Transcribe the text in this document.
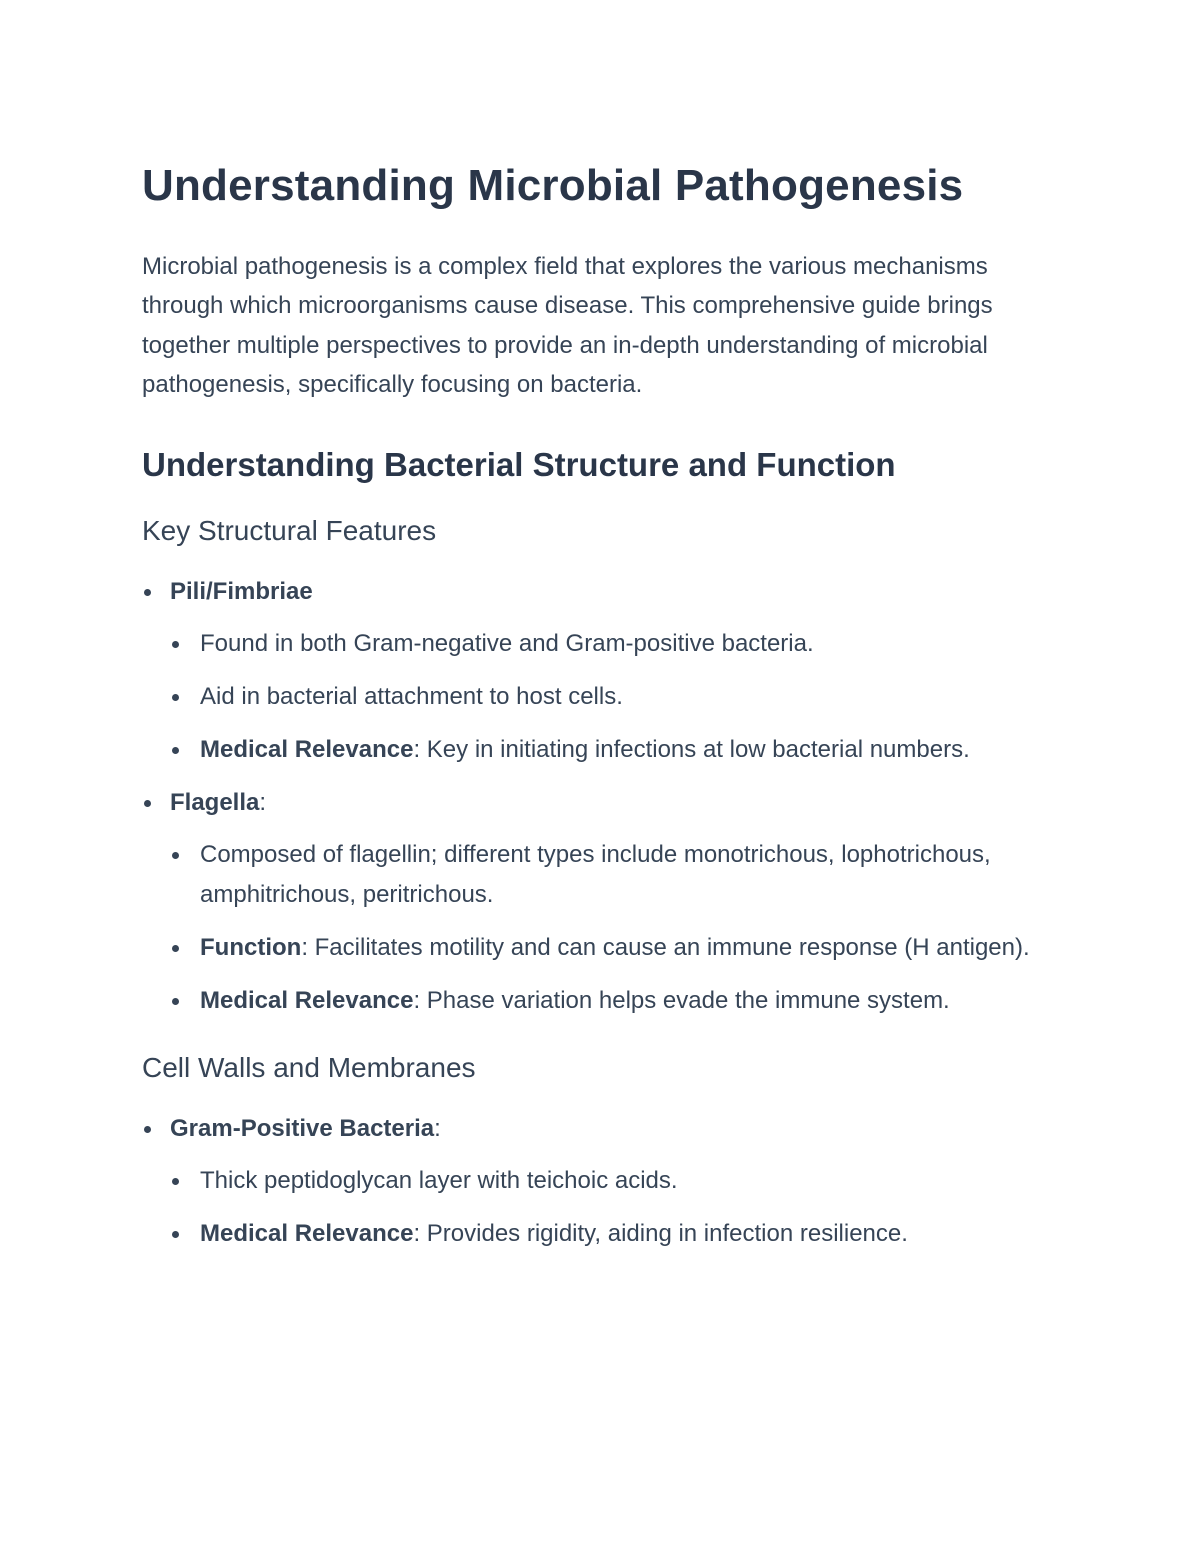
Understanding Microbial Pathogenesis

Microbial pathogenesis is a complex field that explores the various mechanisms through which microorganisms cause disease. This comprehensive guide brings together multiple perspectives to provide an in-depth understanding of microbial pathogenesis, specifically focusing on bacteria.

Understanding Bacterial Structure and Function
Key Structural Features
Pili/Fimbriae
Found in both Gram-negative and Gram-positive bacteria.
Aid in bacterial attachment to host cells.
Medical Relevance: Key in initiating infections at low bacterial numbers.
Flagella:
Composed of flagellin; different types include monotrichous, lophotrichous, amphitrichous, peritrichous.
Function: Facilitates motility and can cause an immune response (H antigen).
Medical Relevance: Phase variation helps evade the immune system.
Cell Walls and Membranes
Gram-Positive Bacteria:
Thick peptidoglycan layer with teichoic acids.
Medical Relevance: Provides rigidity, aiding in infection resilience.
